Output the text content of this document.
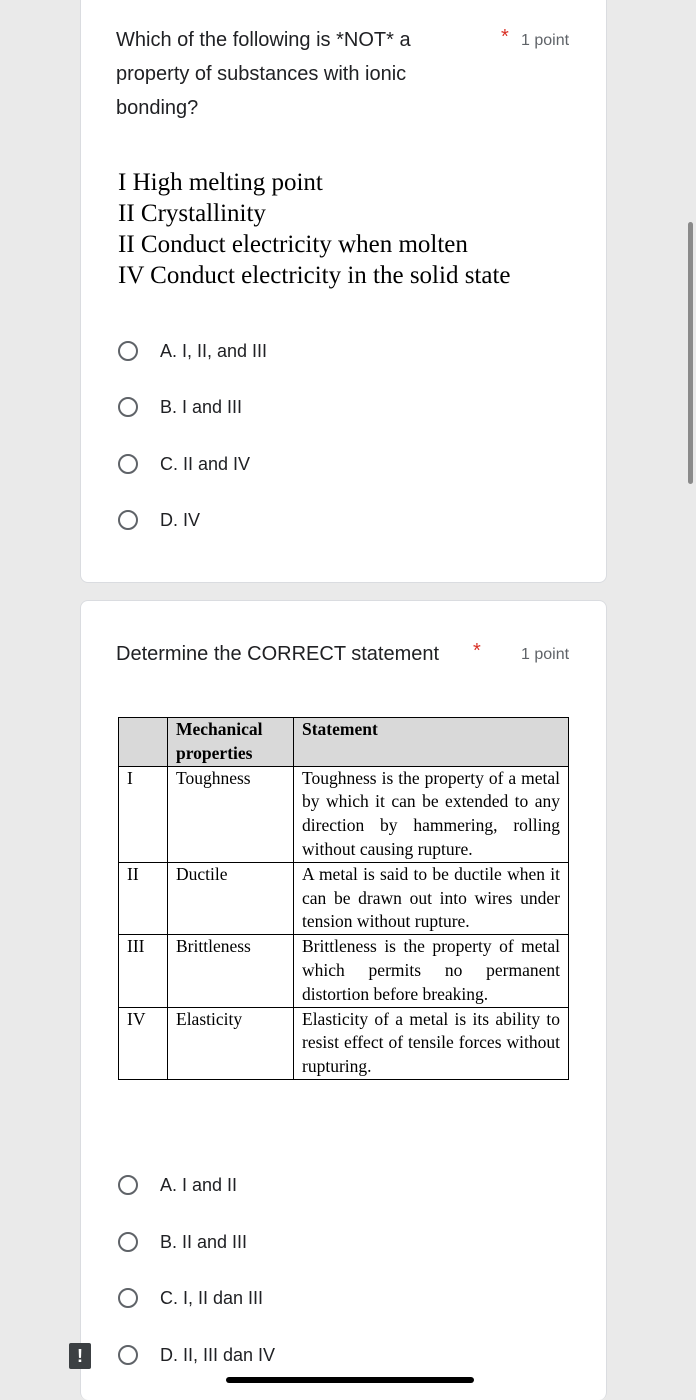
Which of the following is *NOT* a property of substances with ionic bonding?
* 1 point
I High melting point
II Crystallinity
II Conduct electricity when molten
IV Conduct electricity in the solid state
A. I, II, and III
B. I and III
C. II and IV
D. IV
Determine the CORRECT statement *	1 point
	Mechanical properties	Statement
I	Toughness	Toughness is the property of a metal by which it can be extended to any direction by hammering, rolling without causing rupture.
II	Ductile	A metal is said to be ductile when it can be drawn out into wires under tension without rupture.
III	Brittleness	Brittleness is the property of metal which permits no permanent distortion before breaking.
IV	Elasticity	Elasticity of a metal is its ability to resist effect of tensile forces without rupturing.
A. I and II
B. II and III
C. I, II dan III
D. II, III dan IV
!
